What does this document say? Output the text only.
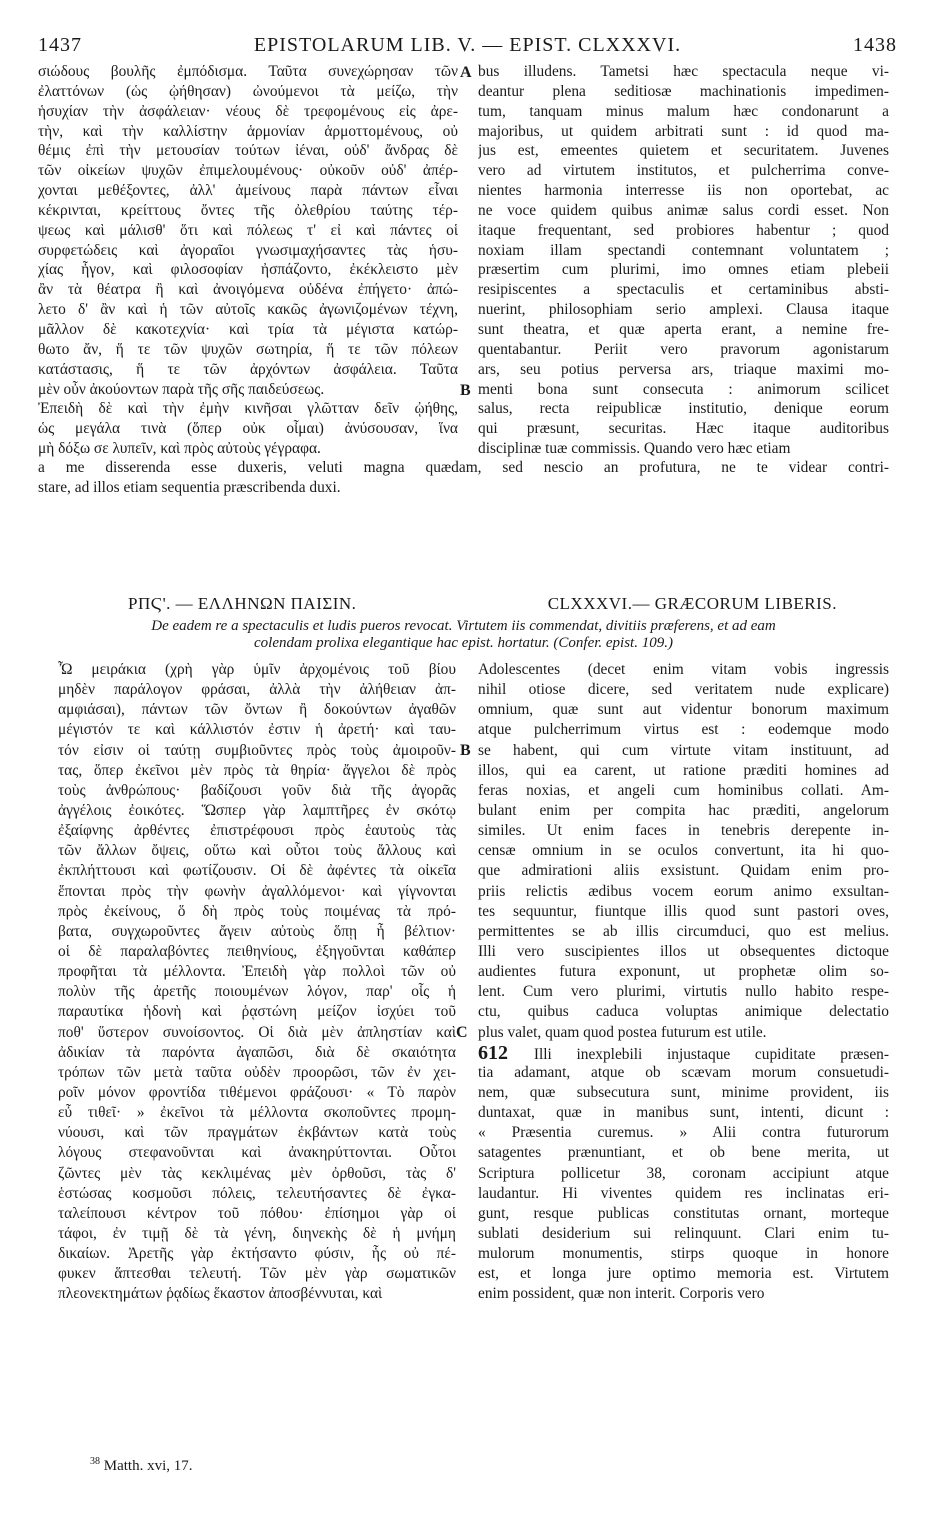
1437	EPISTOLARUM LIB. V. — EPIST. CLXXXVI.	1438
σιώδους βουλῆς ἐμπόδισμα. Ταῦτα συνεχώρησαν τῶν
ἐλαττόνων (ὡς ᾠήθησαν) ὠνούμενοι τὰ μείζω, τὴν
ἡσυχίαν τὴν ἀσφάλειαν· νέους δὲ τρεφομένους εἰς ἀρε-
τὴν, καὶ τὴν καλλίστην ἁρμονίαν ἁρμοττομένους, οὐ
θέμις ἐπὶ τὴν μετουσίαν τούτων ἰέναι, οὐδ' ἄνδρας δὲ
τῶν οἰκείων ψυχῶν ἐπιμελουμένους· οὐκοῦν οὐδ' ἀπέρ-
χονται μεθέξοντες, ἀλλ' ἀμείνους παρὰ πάντων εἶναι
κέκρινται, κρείττους ὄντες τῆς ὀλεθρίου ταύτης τέρ-
ψεως καὶ μάλισθ' ὅτι καὶ πόλεως τ' εἰ καὶ πάντες οἱ
συρφετώδεις καὶ ἀγοραῖοι γνωσιμαχήσαντες τὰς ἡσυ-
χίας ἦγον, καὶ φιλοσοφίαν ἠσπάζοντο, ἐκέκλειστο μὲν
ἂν τὰ θέατρα ἢ καὶ ἀνοιγόμενα οὐδένα ἐπήγετο· ἀπώ-
λετο δ' ἂν καὶ ἡ τῶν αὐτοῖς κακῶς ἀγωνιζομένων τέχνη,
μᾶλλον δὲ κακοτεχνία· καὶ τρία τὰ μέγιστα κατώρ-
θωτο ἄν, ἥ τε τῶν ψυχῶν σωτηρία, ἥ τε τῶν πόλεων
κατάστασις, ἥ τε τῶν ἀρχόντων ἀσφάλεια. Ταῦτα
μὲν οὖν ἀκούοντων παρὰ τῆς σῆς παιδεύσεως.
Ἐπειδὴ δὲ καὶ τὴν ἐμὴν κινῆσαι γλῶτταν δεῖν ᾠήθης,
ὡς μεγάλα τινὰ (ὅπερ οὐκ οἶμαι) ἀνύσουσαν, ἵνα
μὴ δόξω σε λυπεῖν, καὶ πρὸς αὐτοὺς γέγραφα.
bus illudens. Tametsi hæc spectacula neque vi-
deantur plena seditiosæ machinationis impedimen-
tum, tanquam minus malum hæc condonarunt a
majoribus, ut quidem arbitrati sunt : id quod ma-
jus est, emeentes quietem et securitatem. Juvenes
vero ad virtutem institutos, et pulcherrima conve-
nientes harmonia interresse iis non oportebat, ac
ne voce quidem quibus animæ salus cordi esset. Non
itaque frequentant, sed probiores habentur ; quod
noxiam illam spectandi contemnant voluntatem ;
præsertim cum plurimi, imo omnes etiam plebeii
resipiscentes a spectaculis et certaminibus absti-
nuerint, philosophiam serio amplexi. Clausa itaque
sunt theatra, et quæ aperta erant, a nemine fre-
quentabantur. Periit vero pravorum agonistarum
ars, seu potius perversa ars, triaque maximi mo-
menti bona sunt consecuta : animorum scilicet
salus, recta reipublicæ institutio, denique eorum
qui præsunt, securitas. Hæc itaque auditoribus
disciplinæ tuæ commissis. Quando vero hæc etiam
A
B
a me disserenda esse duxeris, veluti magna quædam, sed nescio an profutura, ne te videar contri-
stare, ad illos etiam sequentia præscribenda duxi.
ΡΠϚ'. — ΕΛΛΗΝΩΝ ΠΑΙΣΙΝ.	CLXXXVI.— GRÆCORUM LIBERIS.
De eadem re a spectaculis et ludis pueros revocat. Virtutem iis commendat, divitiis præferens, et ad eam
colendam prolixa elegantique hac epist. hortatur. (Confer. epist. 109.)
Ὦ μειράκια (χρὴ γὰρ ὑμῖν ἀρχομένοις τοῦ βίου
μηδὲν παράλογον φράσαι, ἀλλὰ τὴν ἀλήθειαν ἀπ-
αμφιάσαι), πάντων τῶν ὄντων ἢ δοκούντων ἀγαθῶν
μέγιστόν τε καὶ κάλλιστόν ἐστιν ἡ ἀρετή· καὶ ταυ-
τόν εἰσιν οἱ ταύτῃ συμβιοῦντες πρὸς τοὺς ἀμοιροῦν-
τας, ὅπερ ἐκεῖνοι μὲν πρὸς τὰ θηρία· ἄγγελοι δὲ πρὸς
τοὺς ἀνθρώπους· βαδίζουσι γοῦν διὰ τῆς ἀγορᾶς
ἀγγέλοις ἐοικότες. Ὥσπερ γὰρ λαμπτῆρες ἐν σκότῳ
ἐξαίφνης ἀρθέντες ἐπιστρέφουσι πρὸς ἑαυτοὺς τὰς
τῶν ἄλλων ὄψεις, οὕτω καὶ οὗτοι τοὺς ἄλλους καὶ
ἐκπλήττουσι καὶ φωτίζουσιν. Οἱ δὲ ἀφέντες τὰ οἰκεῖα
ἕπονται πρὸς τὴν φωνὴν ἀγαλλόμενοι· καὶ γίγνονται
πρὸς ἐκείνους, ὅ δὴ πρὸς τοὺς ποιμένας τὰ πρό-
βατα, συγχωροῦντες ἄγειν αὐτοὺς ὅπῃ ἦ βέλτιον·
οἱ δὲ παραλαβόντες πειθηνίους, ἐξηγοῦνται καθάπερ
προφῆται τὰ μέλλοντα. Ἐπειδὴ γὰρ πολλοὶ τῶν οὐ
πολὺν τῆς ἀρετῆς ποιουμένων λόγον, παρ' οἷς ἡ
παραυτίκα ἡδονὴ καὶ ῥᾳστώνη μείζον ἰσχύει τοῦ
ποθ' ὕστερον συνοίσοντος. Οἱ διὰ μὲν ἀπληστίαν καὶ
ἀδικίαν τὰ παρόντα ἀγαπῶσι, διὰ δὲ σκαιότητα
τρόπων τῶν μετὰ ταῦτα οὐδὲν προορῶσι, τῶν ἐν χει-
ροῖν μόνον φροντίδα τιθέμενοι φράζουσι· « Τὸ παρὸν
εὖ τιθεῖ· » ἐκεῖνοι τὰ μέλλοντα σκοποῦντες προμη-
νύουσι, καὶ τῶν πραγμάτων ἐκβάντων κατὰ τοὺς
λόγους στεφανοῦνται καὶ ἀνακηρύττονται. Οὗτοι
ζῶντες μὲν τὰς κεκλιμένας μὲν ὀρθοῦσι, τὰς δ'
ἑστώσας κοσμοῦσι πόλεις, τελευτήσαντες δὲ ἐγκα-
ταλείπουσι κέντρον τοῦ πόθου· ἐπίσημοι γὰρ οἱ
τάφοι, ἐν τιμῇ δὲ τὰ γένη, διηνεκὴς δὲ ἡ μνήμη
δικαίων. Ἀρετῆς γὰρ ἐκτήσαντο φύσιν, ἧς οὐ πέ-
φυκεν ἅπτεσθαι τελευτή. Τῶν μὲν γὰρ σωματικῶν
πλεονεκτημάτων ῥᾳδίως ἕκαστον ἀποσβέννυται, καὶ
Adolescentes (decet enim vitam vobis ingressis
nihil otiose dicere, sed veritatem nude explicare)
omnium, quæ sunt aut videntur bonorum maximum
atque pulcherrimum virtus est : eodemque modo
se habent, qui cum virtute vitam instituunt, ad
illos, qui ea carent, ut ratione præditi homines ad
feras noxias, et angeli cum hominibus collati. Am-
bulant enim per compita hac præditi, angelorum
similes. Ut enim faces in tenebris derepente in-
censæ omnium in se oculos convertunt, ita hi quo-
que admirationi aliis exsistunt. Quidam enim pro-
priis relictis ædibus vocem eorum animo exsultan-
tes sequuntur, fiuntque illis quod sunt pastori oves,
permittentes se ab illis circumduci, quo est melius.
Illi vero suscipientes illos ut obsequentes dictoque
audientes futura exponunt, ut prophetæ olim so-
lent. Cum vero plurimi, virtutis nullo habito respe-
ctu, quibus caduca voluptas animique delectatio
plus valet, quam quod postea futurum est utile.
612 Illi inexplebili injustaque cupiditate præsen-
tia adamant, atque ob scævam morum consuetudi-
nem, quæ subsecutura sunt, minime provident, iis
duntaxat, quæ in manibus sunt, intenti, dicunt :
« Præsentia curemus. » Alii contra futurorum
satagentes prænuntiant, et ob bene merita, ut
Scriptura pollicetur 38, coronam accipiunt atque
laudantur. Hi viventes quidem res inclinatas eri-
gunt, resque publicas constitutas ornant, morteque
sublati desiderium sui relinquunt. Clari enim tu-
mulorum monumentis, stirps quoque in honore
est, et longa jure optimo memoria est. Virtutem
enim possident, quæ non interit. Corporis vero
B
C
$^{38}$ Matth. xvi, 17.
